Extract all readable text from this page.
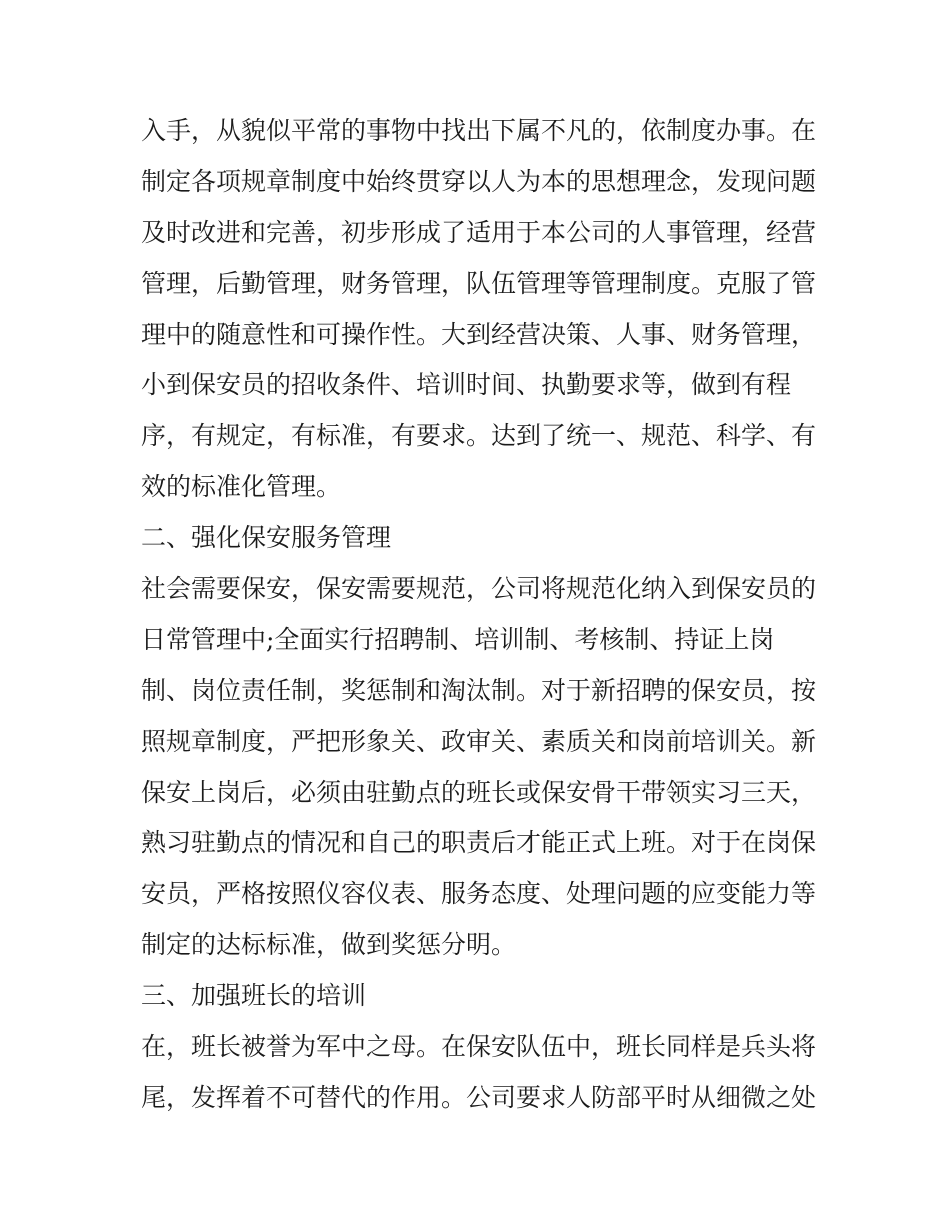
入手，从貌似平常的事物中找出下属不凡的，依制度办事。在
制定各项规章制度中始终贯穿以人为本的思想理念，发现问题
及时改进和完善，初步形成了适用于本公司的人事管理，经营
管理，后勤管理，财务管理，队伍管理等管理制度。克服了管
理中的随意性和可操作性。大到经营决策、人事、财务管理，
小到保安员的招收条件、培训时间、执勤要求等，做到有程
序，有规定，有标准，有要求。达到了统一、规范、科学、有
效的标准化管理。
二、强化保安服务管理
社会需要保安，保安需要规范，公司将规范化纳入到保安员的
日常管理中;全面实行招聘制、培训制、考核制、持证上岗
制、岗位责任制，奖惩制和淘汰制。对于新招聘的保安员，按
照规章制度，严把形象关、政审关、素质关和岗前培训关。新
保安上岗后，必须由驻勤点的班长或保安骨干带领实习三天，
熟习驻勤点的情况和自己的职责后才能正式上班。对于在岗保
安员，严格按照仪容仪表、服务态度、处理问题的应变能力等
制定的达标标准，做到奖惩分明。
三、加强班长的培训
在，班长被誉为军中之母。在保安队伍中，班长同样是兵头将
尾，发挥着不可替代的作用。公司要求人防部平时从细微之处
